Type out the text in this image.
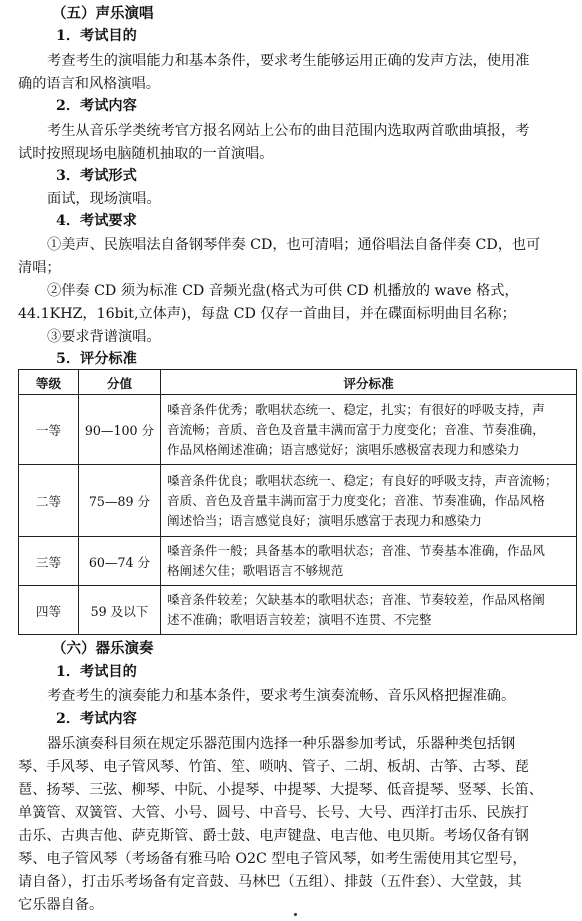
（五）声乐演唱
1．考试目的
考查考生的演唱能力和基本条件，要求考生能够运用正确的发声方法，使用准
确的语言和风格演唱。
2．考试内容
考生从音乐学类统考官方报名网站上公布的曲目范围内选取两首歌曲填报，考
试时按照现场电脑随机抽取的一首演唱。
3．考试形式
面试，现场演唱。
4．考试要求
①美声、民族唱法自备钢琴伴奏 CD，也可清唱；通俗唱法自备伴奏 CD，也可
清唱；
②伴奏 CD 须为标准 CD 音频光盘(格式为可供 CD 机播放的 wave 格式，
44.1KHZ，16bit,立体声)，每盘 CD 仅存一首曲目，并在碟面标明曲目名称；
③要求背谱演唱。
5．评分标准
等级	分值	评分标准
一等	90—100 分	嗓音条件优秀；歌唱状态统一、稳定，扎实；有很好的呼吸支持，声
音流畅；音质、音色及音量丰满而富于力度变化；音准、节奏准确，
作品风格阐述准确；语言感觉好；演唱乐感极富表现力和感染力

二等	75—89 分	嗓音条件优良；歌唱状态统一、稳定；有良好的呼吸支持，声音流畅；
音质、音色及音量丰满而富于力度变化；音准、节奏准确，作品风格
阐述恰当；语言感觉良好；演唱乐感富于表现力和感染力

三等	60—74 分	嗓音条件一般；具备基本的歌唱状态；音准、节奏基本准确，作品风
格阐述欠佳；歌唱语言不够规范

四等	59 及以下	嗓音条件较差；欠缺基本的歌唱状态；音准、节奏较差，作品风格阐
述不准确；歌唱语言较差；演唱不连贯、不完整
（六）器乐演奏
1．考试目的
考查考生的演奏能力和基本条件，要求考生演奏流畅、音乐风格把握准确。
2．考试内容
器乐演奏科目须在规定乐器范围内选择一种乐器参加考试，乐器种类包括钢
琴、手风琴、电子管风琴、竹笛、笙、唢呐、管子、二胡、板胡、古筝、古琴、琵
琶、扬琴、三弦、柳琴、中阮、小提琴、中提琴、大提琴、低音提琴、竖琴、长笛、
单簧管、双簧管、大管、小号、圆号、中音号、长号、大号、西洋打击乐、民族打
击乐、古典吉他、萨克斯管、爵士鼓、电声键盘、电吉他、电贝斯。考场仅备有钢
琴、电子管风琴（考场备有雅马哈 O2C 型电子管风琴，如考生需使用其它型号，
请自备），打击乐考场备有定音鼓、马林巴（五组）、排鼓（五件套）、大堂鼓，其
它乐器自备。
